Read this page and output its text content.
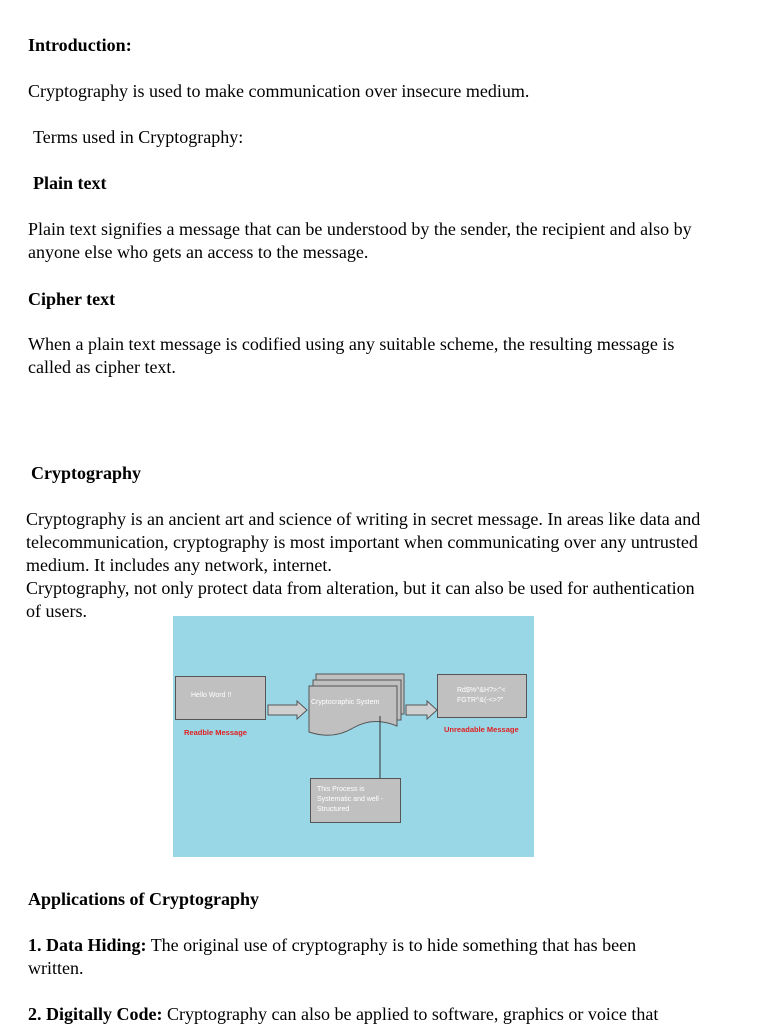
Introduction:

Cryptography is used to make communication over insecure medium.

Terms used in Cryptography:

Plain text

Plain text signifies a message that can be understood by the sender, the recipient and also by

anyone else who gets an access to the message.

Cipher text

When a plain text message is codified using any suitable scheme, the resulting message is

called as cipher text.

Cryptography

Cryptography is an ancient art and science of writing in secret message. In areas like data and

telecommunication, cryptography is most important when communicating over any untrusted

medium. It includes any network, internet.

Cryptography, not only protect data from alteration, but it can also be used for authentication

of users.

Hello Word !!
Readble Message
Cryptocraphic System
Rd$%^&H?>:"<
FGTR^&(-<>?"
Unreadable Message
This Process is Systematic and well - Structured

Applications of Cryptography

1. Data Hiding: The original use of cryptography is to hide something that has been

written.

2. Digitally Code: Cryptography can also be applied to software, graphics or voice that
